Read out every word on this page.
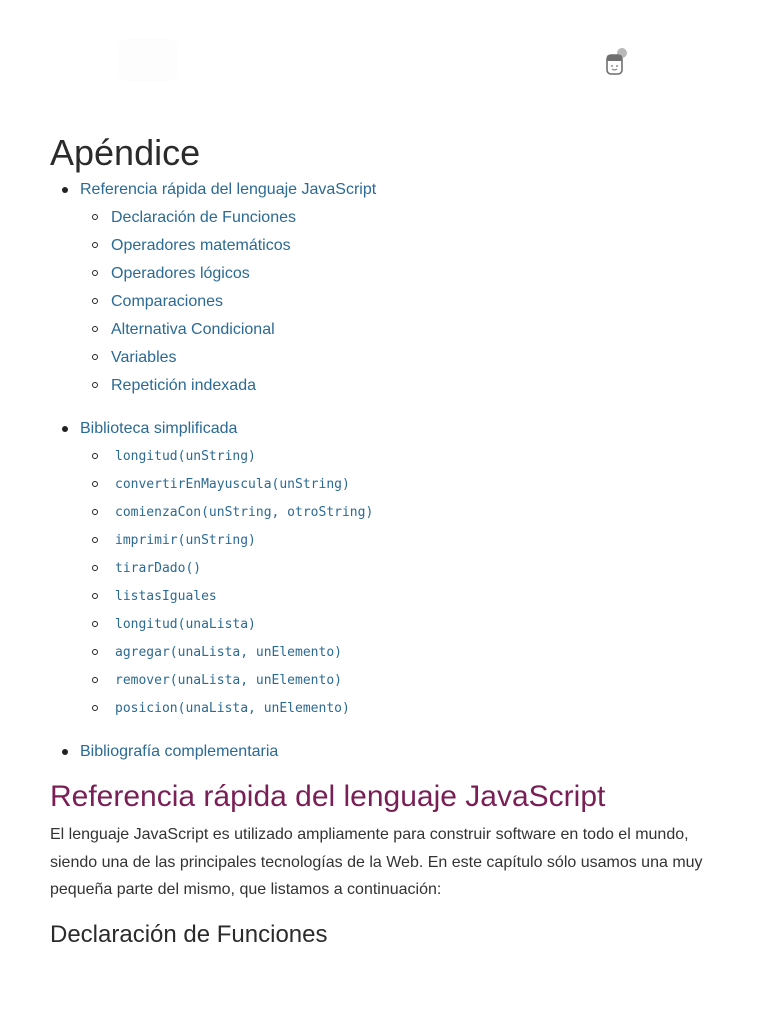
Apéndice
Referencia rápida del lenguaje JavaScript
Declaración de Funciones
Operadores matemáticos
Operadores lógicos
Comparaciones
Alternativa Condicional
Variables
Repetición indexada
Biblioteca simplificada
longitud(unString)
convertirEnMayuscula(unString)
comienzaCon(unString, otroString)
imprimir(unString)
tirarDado()
listasIguales
longitud(unaLista)
agregar(unaLista, unElemento)
remover(unaLista, unElemento)
posicion(unaLista, unElemento)
Bibliografía complementaria
Referencia rápida del lenguaje JavaScript

El lenguaje JavaScript es utilizado ampliamente para construir software en todo el mundo, siendo una de las principales tecnologías de la Web. En este capítulo sólo usamos una muy pequeña parte del mismo, que listamos a continuación:

Declaración de Funciones
